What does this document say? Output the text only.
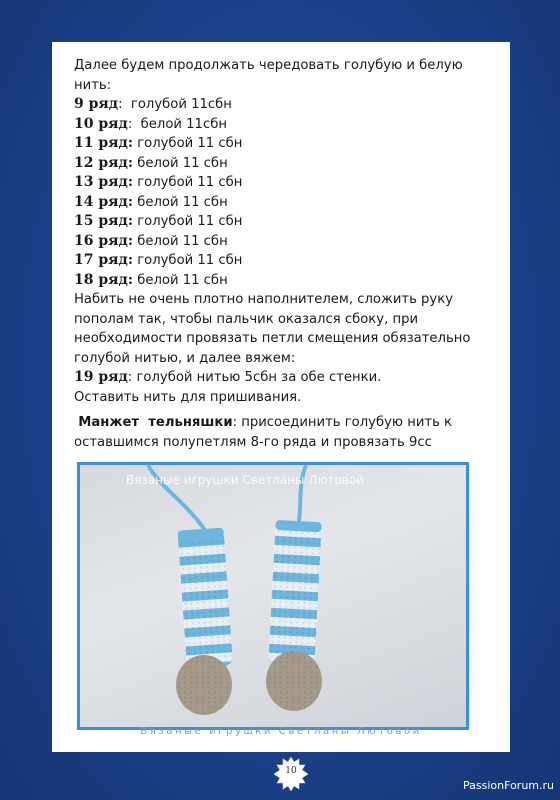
Далее будем продолжать чередовать голубую и белую
нить:
9 ряд:  голубой 11сбн
10 ряд:  белой 11сбн
11 ряд: голубой 11 сбн
12 ряд: белой 11 сбн
13 ряд: голубой 11 сбн
14 ряд: белой 11 сбн
15 ряд: голубой 11 сбн
16 ряд: белой 11 сбн
17 ряд: голубой 11 сбн
18 ряд: белой 11 сбн
Набить не очень плотно наполнителем, сложить руку
пополам так, чтобы пальчик оказался сбоку, при
необходимости провязать петли смещения обязательно
голубой нитью, и далее вяжем:
19 ряд: голубой нитью 5сбн за обе стенки.
Оставить нить для пришивания.
Манжет  тельняшки: присоединить голубую нить к
оставшимся полупетлям 8-го ряда и провязать 9сс
Вязаные игрушки Светланы Лютовой
Вязаные игрушки Светланы Лютовой
10
PassionForum.ru
